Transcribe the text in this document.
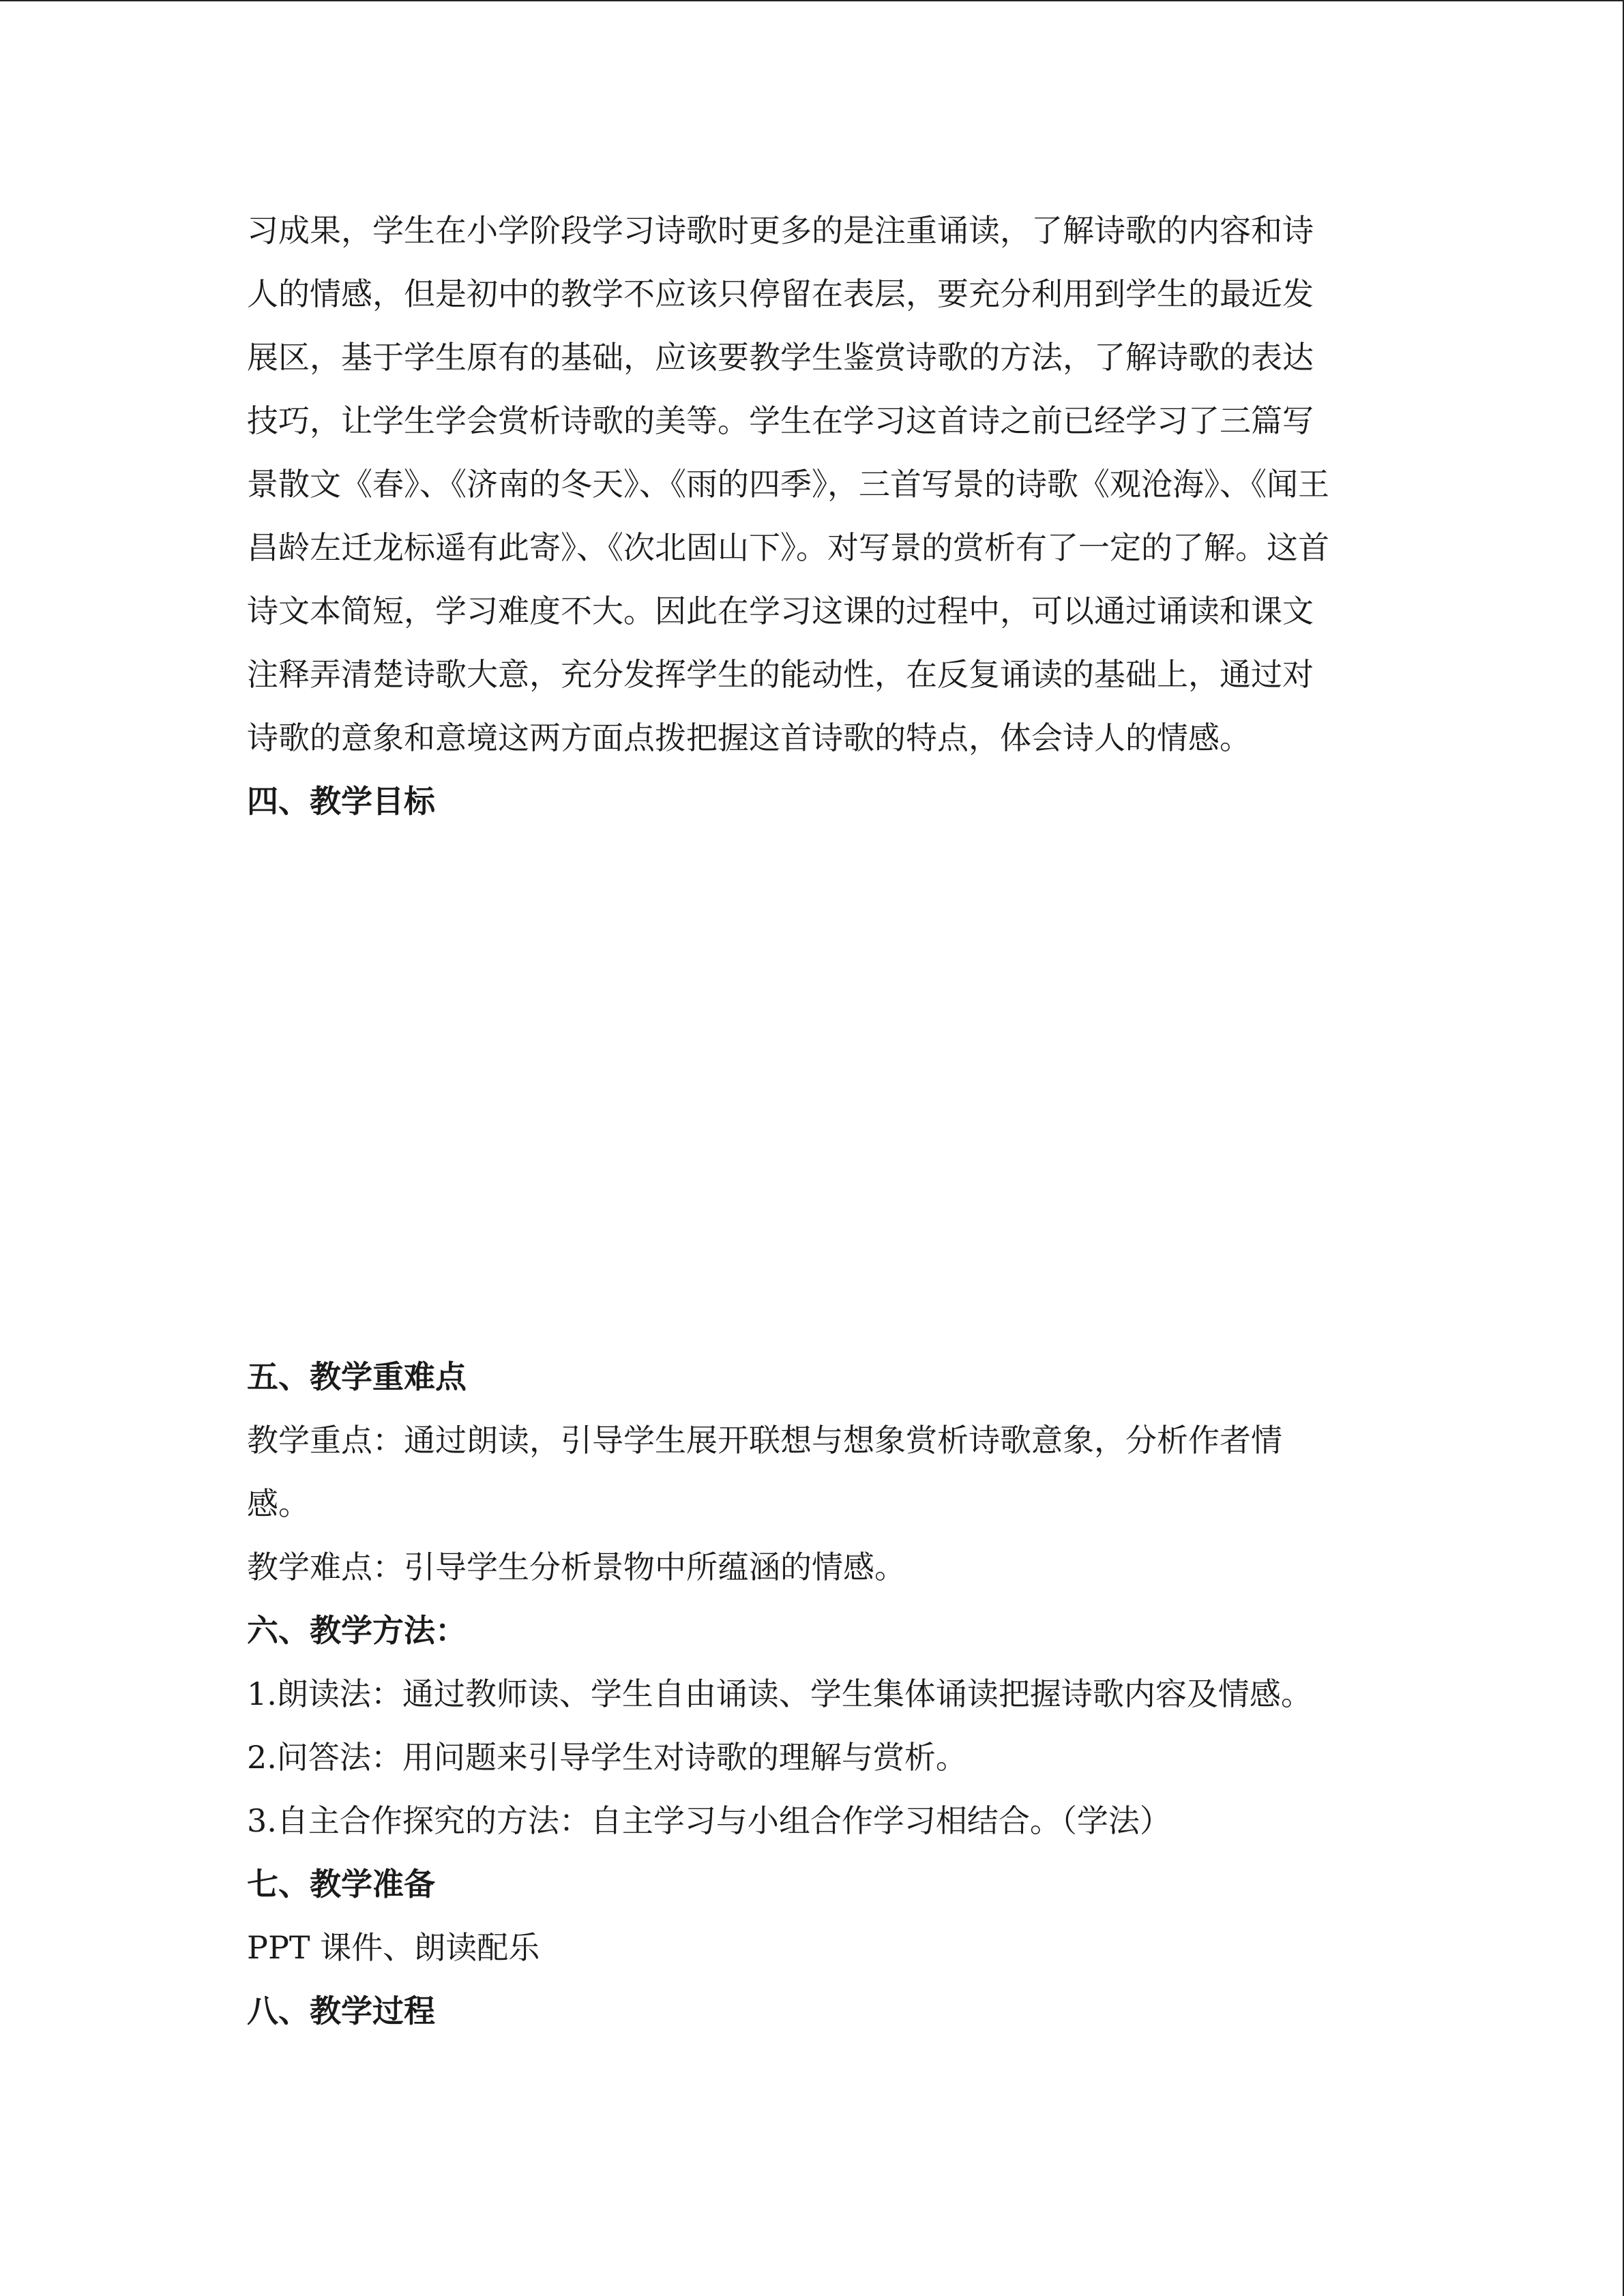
习成果，学生在小学阶段学习诗歌时更多的是注重诵读，了解诗歌的内容和诗

人的情感，但是初中的教学不应该只停留在表层，要充分利用到学生的最近发

展区，基于学生原有的基础，应该要教学生鉴赏诗歌的方法，了解诗歌的表达

技巧，让学生学会赏析诗歌的美等。学生在学习这首诗之前已经学习了三篇写

景散文《春》、《济南的冬天》、《雨的四季》，三首写景的诗歌《观沧海》、《闻王

昌龄左迁龙标遥有此寄》、《次北固山下》。对写景的赏析有了一定的了解。这首

诗文本简短，学习难度不大。因此在学习这课的过程中，可以通过诵读和课文

注释弄清楚诗歌大意，充分发挥学生的能动性，在反复诵读的基础上，通过对

诗歌的意象和意境这两方面点拨把握这首诗歌的特点，体会诗人的情感。

四、教学目标
五、教学重难点

教学重点：通过朗读，引导学生展开联想与想象赏析诗歌意象，分析作者情

感。

教学难点：引导学生分析景物中所蕴涵的情感。

六、教学方法：

1.朗读法：通过教师读、学生自由诵读、学生集体诵读把握诗歌内容及情感。

2.问答法：用问题来引导学生对诗歌的理解与赏析。

3.自主合作探究的方法：自主学习与小组合作学习相结合。（学法）

七、教学准备

PPT 课件、朗读配乐

八、教学过程
